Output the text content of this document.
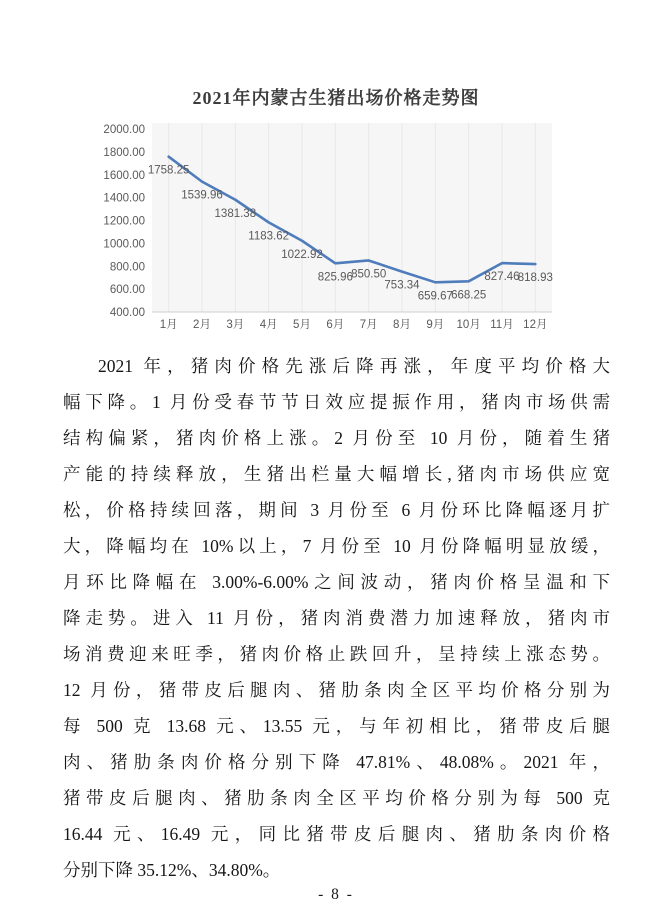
2021年内蒙古生猪出场价格走势图
2000.00
1800.00
1600.00
1400.00
1200.00
1000.00
800.00
600.00
400.00
1758.25
1539.96
1381.38
1183.62
1022.92
825.96
850.50
753.34
659.67
668.25
827.46
818.93
1月 2月 3月 4月 5月 6月 7月 8月 9月 10月 11月 12月
2021 年，猪肉价格先涨后降再涨，年度平均价格大
幅下降。1 月份受春节节日效应提振作用，猪肉市场供需
结构偏紧，猪肉价格上涨。2 月份至 10 月份，随着生猪
产能的持续释放，生猪出栏量大幅增长,猪肉市场供应宽
松，价格持续回落，期间 3 月份至 6 月份环比降幅逐月扩
大，降幅均在 10%以上，7 月份至 10 月份降幅明显放缓，
月环比降幅在 3.00%-6.00%之间波动，猪肉价格呈温和下
降走势。进入 11 月份，猪肉消费潜力加速释放，猪肉市
场消费迎来旺季，猪肉价格止跌回升，呈持续上涨态势。
12 月份，猪带皮后腿肉、猪肋条肉全区平均价格分别为
每 500 克 13.68 元、13.55 元，与年初相比，猪带皮后腿
肉、猪肋条肉价格分别下降 47.81%、48.08%。2021 年，
猪带皮后腿肉、猪肋条肉全区平均价格分别为每 500 克
16.44 元、16.49 元，同比猪带皮后腿肉、猪肋条肉价格
分别下降 35.12%、34.80%。
- 8 -
